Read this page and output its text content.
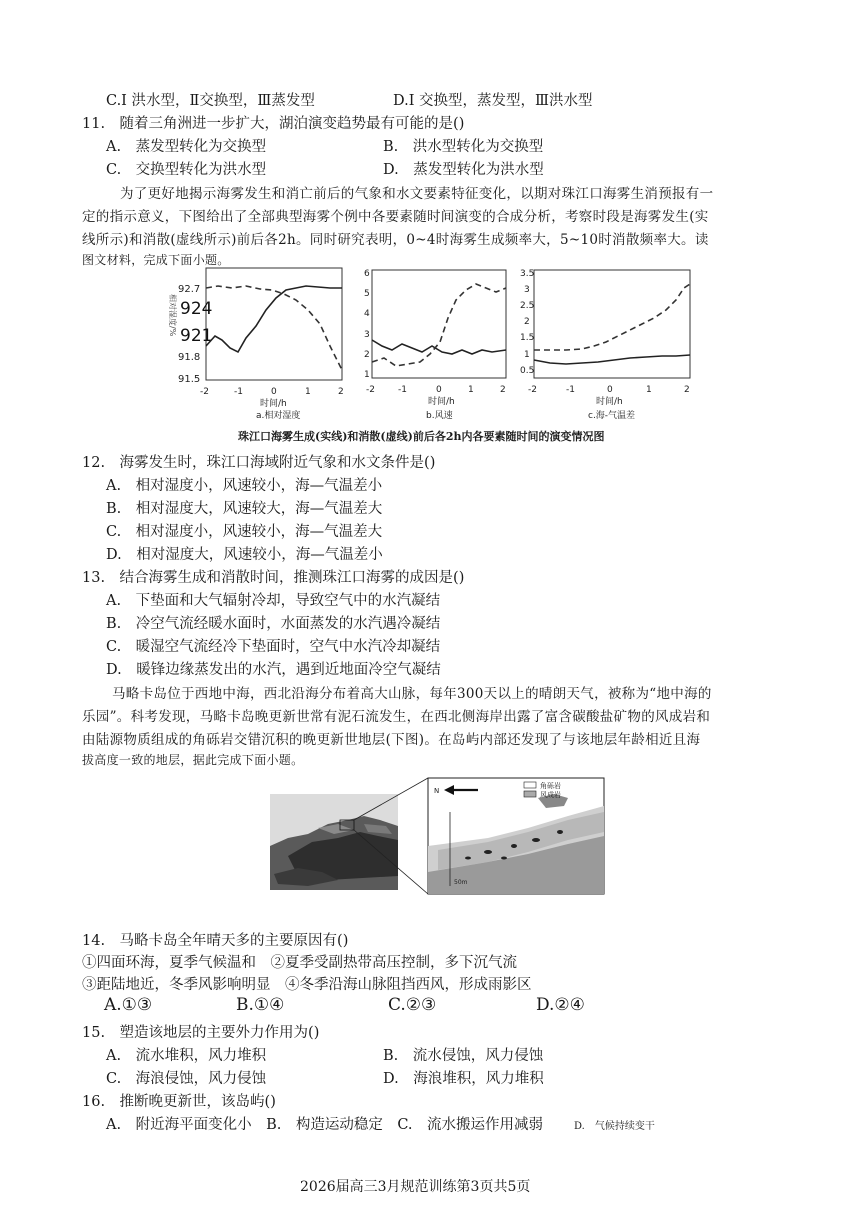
C.Ⅰ 洪水型，Ⅱ交换型，Ⅲ蒸发型	D.Ⅰ 交换型，蒸发型，Ⅲ洪水型
11.　随着三角洲进一步扩大，湖泊演变趋势最有可能的是()
A.　蒸发型转化为交换型	B.　洪水型转化为交换型
C.　交换型转化为洪水型	D.　蒸发型转化为洪水型
为了更好地揭示海雾发生和消亡前后的气象和水文要素特征变化，以期对珠江口海雾生消预报有一
定的指示意义，下图给出了全部典型海雾个例中各要素随时间演变的合成分析，考察时段是海雾发生(实
线所示)和消散(虚线所示)前后各2h。同时研究表明，0~4时海雾生成频率大，5~10时消散频率大。读
图文材料，完成下面小题。
92.7
924
921
91.8
91.5
相对湿度/%
-2	-1	0	1	2
时间/h
a.相对湿度
6
5
4
3
2
1
-2	-1	0	1	2
时间/h
b.风速
3.5
3
2.5
2
1.5
1
0.5
-2	-1	0	1	2
时间/h
c.海-气温差
珠江口海雾生成(实线)和消散(虚线)前后各2h内各要素随时间的演变情况图
12.　海雾发生时，珠江口海域附近气象和水文条件是()
A.　相对湿度小，风速较小，海—气温差小
B.　相对湿度大，风速较大，海—气温差大
C.　相对湿度小，风速较小，海—气温差大
D.　相对湿度大，风速较小，海—气温差小
13.　结合海雾生成和消散时间，推测珠江口海雾的成因是()
A.　下垫面和大气辐射冷却，导致空气中的水汽凝结
B.　冷空气流经暖水面时，水面蒸发的水汽遇冷凝结
C.　暖湿空气流经冷下垫面时，空气中水汽冷却凝结
D.　暖锋边缘蒸发出的水汽，遇到近地面冷空气凝结
马略卡岛位于西地中海，西北沿海分布着高大山脉，每年300天以上的晴朗天气，被称为“地中海的
乐园”。科考发现，马略卡岛晚更新世常有泥石流发生，在西北侧海岸出露了富含碳酸盐矿物的风成岩和
由陆源物质组成的角砾岩交错沉积的晚更新世地层(下图)。在岛屿内部还发现了与该地层年龄相近且海
拔高度一致的地层，据此完成下面小题。
角砾岩
风成岩
N
50m
14.　马略卡岛全年晴天多的主要原因有()
①四面环海，夏季气候温和　②夏季受副热带高压控制，多下沉气流
③距陆地近，冬季风影响明显　④冬季沿海山脉阻挡西风，形成雨影区
A.①③	B.①④	C.②③	D.②④
15.　塑造该地层的主要外力作用为()
A.　流水堆积，风力堆积	B.　流水侵蚀，风力侵蚀
C.　海浪侵蚀，风力侵蚀	D.　海浪堆积，风力堆积
16.　推断晚更新世，该岛屿()
A.　附近海平面变化小　B.　构造运动稳定　C.　流水搬运作用减弱	D.　气候持续变干
2026届高三3月规范训练第3页共5页
